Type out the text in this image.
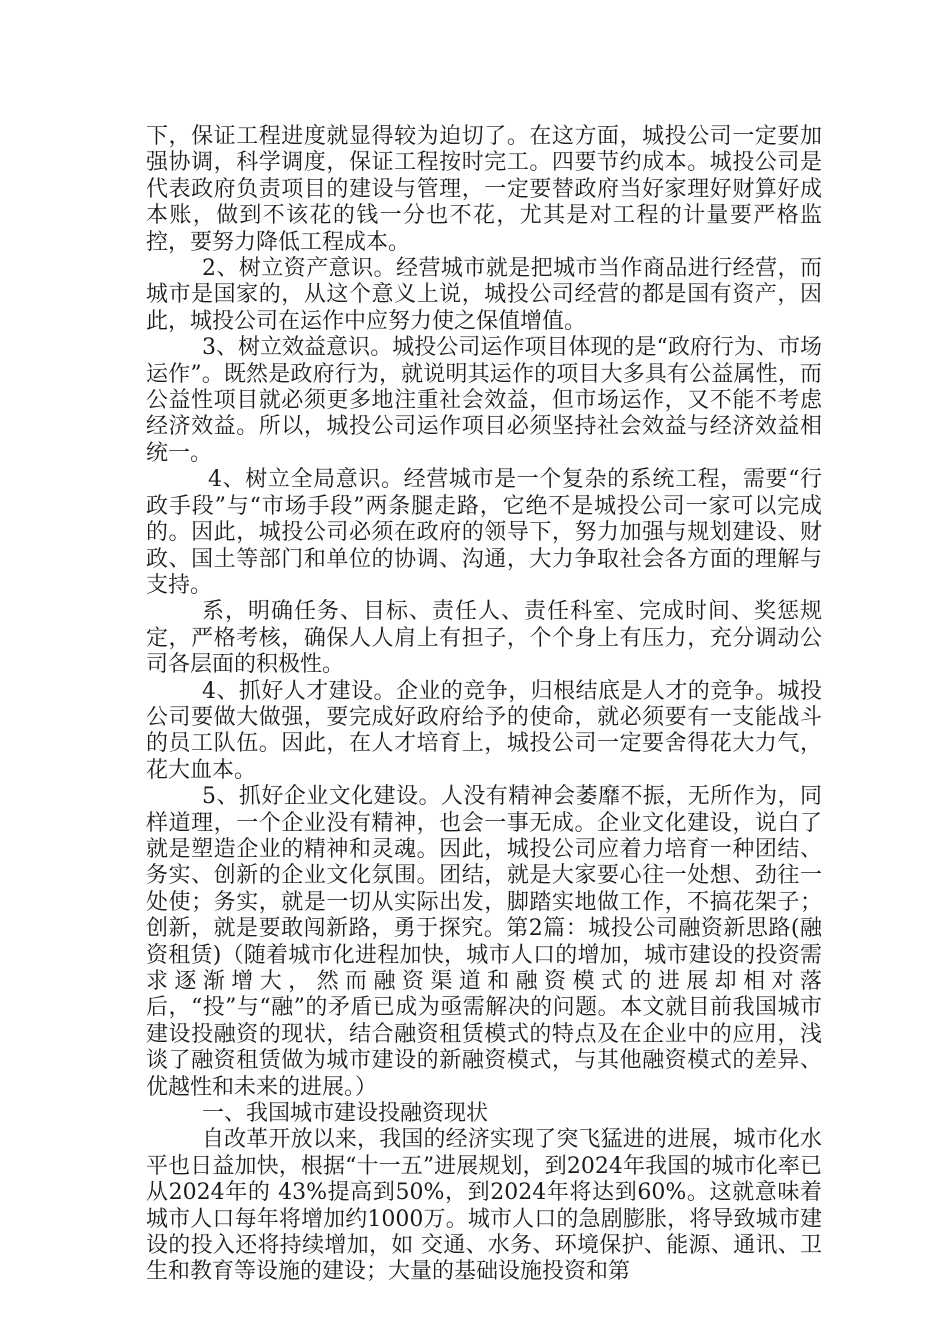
下，保证工程进度就显得较为迫切了。在这方面，城投公司一定要加强协调，科学调度，保证工程按时完工。四要节约成本。城投公司是代表政府负责项目的建设与管理，一定要替政府当好家理好财算好成本账，做到不该花的钱一分也不花，尤其是对工程的计量要严格监控，要努力降低工程成本。

2、树立资产意识。经营城市就是把城市当作商品进行经营，而城市是国家的，从这个意义上说，城投公司经营的都是国有资产，因此，城投公司在运作中应努力使之保值增值。

3、树立效益意识。城投公司运作项目体现的是“政府行为、市场运作”。既然是政府行为，就说明其运作的项目大多具有公益属性，而公益性项目就必须更多地注重社会效益，但市场运作，又不能不考虑经济效益。所以，城投公司运作项目必须坚持社会效益与经济效益相统一。

4、树立全局意识。经营城市是一个复杂的系统工程，需要“行政手段”与“市场手段”两条腿走路，它绝不是城投公司一家可以完成的。因此，城投公司必须在政府的领导下，努力加强与规划建设、财政、国土等部门和单位的协调、沟通，大力争取社会各方面的理解与支持。

系，明确任务、目标、责任人、责任科室、完成时间、奖惩规定，严格考核，确保人人肩上有担子，个个身上有压力，充分调动公司各层面的积极性。

4、抓好人才建设。企业的竞争，归根结底是人才的竞争。城投公司要做大做强，要完成好政府给予的使命，就必须要有一支能战斗的员工队伍。因此，在人才培育上，城投公司一定要舍得花大力气，花大血本。

5、抓好企业文化建设。人没有精神会萎靡不振，无所作为，同样道理，一个企业没有精神，也会一事无成。企业文化建设，说白了就是塑造企业的精神和灵魂。因此，城投公司应着力培育一种团结、务实、创新的企业文化氛围。团结，就是大家要心往一处想、劲往一处使；务实，就是一切从实际出发，脚踏实地做工作，不搞花架子；创新，就是要敢闯新路，勇于探究。第2篇：城投公司融资新思路(融资租赁)（随着城市化进程加快，城市人口的增加，城市建设的投资需求逐渐增大，然而融资渠道和融资模式的进展却相对落后，“投”与“融”的矛盾已成为亟需解决的问题。本文就目前我国城市建设投融资的现状，结合融资租赁模式的特点及在企业中的应用，浅谈了融资租赁做为城市建设的新融资模式，与其他融资模式的差异、优越性和未来的进展。）

一、我国城市建设投融资现状

自改革开放以来，我国的经济实现了突飞猛进的进展，城市化水平也日益加快，根据“十一五”进展规划，到2024年我国的城市化率已从2024年的 43%提高到50%，到2024年将达到60%。这就意味着城市人口每年将增加约1000万。城市人口的急剧膨胀，将导致城市建设的投入还将持续增加，如 交通、水务、环境保护、能源、通讯、卫生和教育等设施的建设；大量的基础设施投资和第
